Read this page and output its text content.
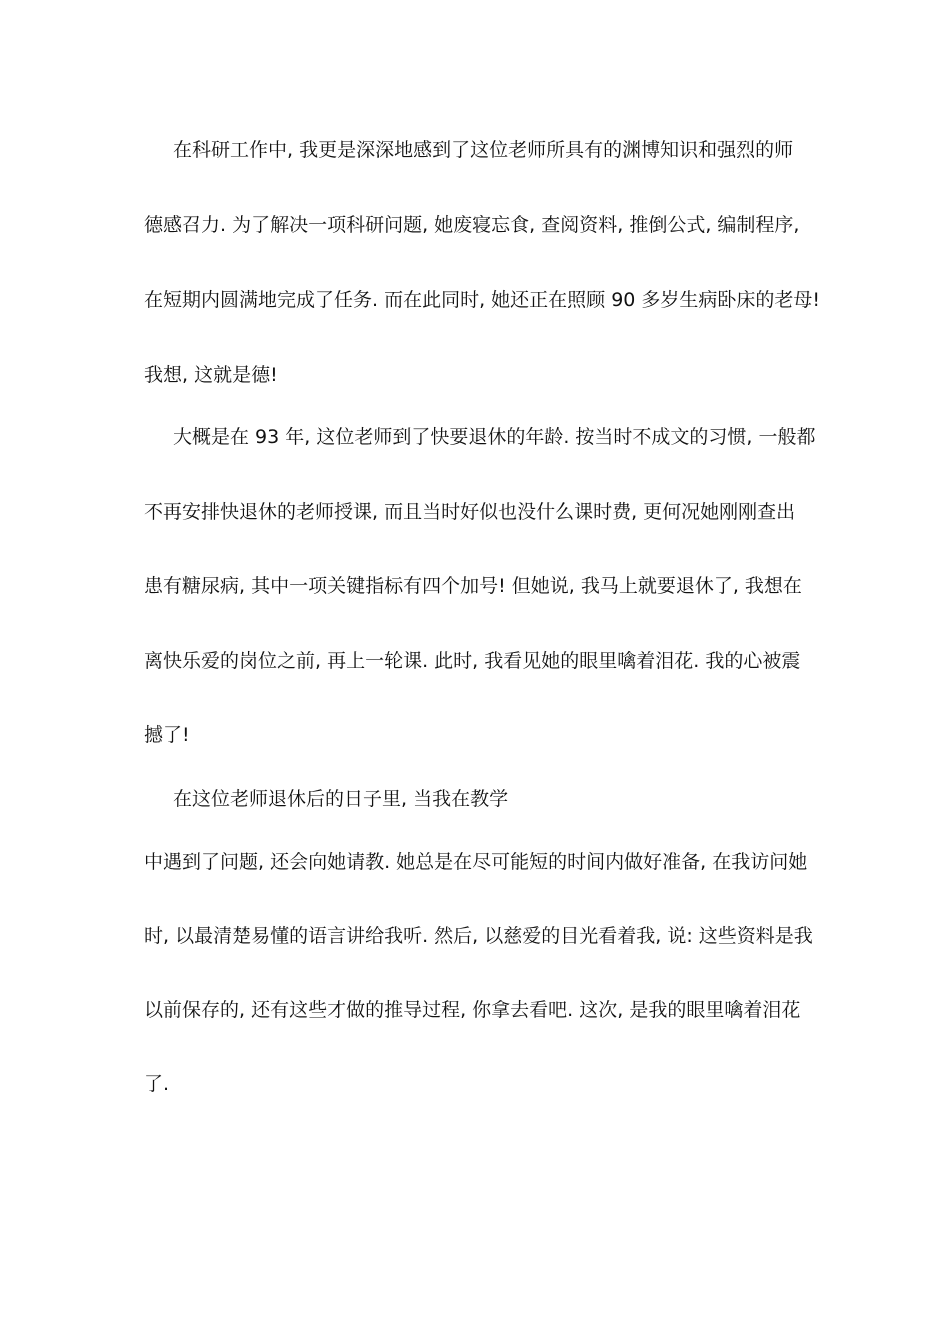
在科研工作中, 我更是深深地感到了这位老师所具有的渊博知识和强烈的师
德感召力. 为了解决一项科研问题, 她废寝忘食, 查阅资料, 推倒公式, 编制程序,
在短期内圆满地完成了任务. 而在此同时, 她还正在照顾 90 多岁生病卧床的老母!
我想, 这就是德!
大概是在 93 年, 这位老师到了快要退休的年龄. 按当时不成文的习惯, 一般都
不再安排快退休的老师授课, 而且当时好似也没什么课时费, 更何况她刚刚查出
患有糖尿病, 其中一项关键指标有四个加号! 但她说, 我马上就要退休了, 我想在
离快乐爱的岗位之前, 再上一轮课. 此时, 我看见她的眼里噙着泪花. 我的心被震
撼了!
在这位老师退休后的日子里, 当我在教学
中遇到了问题, 还会向她请教. 她总是在尽可能短的时间内做好准备, 在我访问她
时, 以最清楚易懂的语言讲给我听. 然后, 以慈爱的目光看着我, 说: 这些资料是我
以前保存的, 还有这些才做的推导过程, 你拿去看吧. 这次, 是我的眼里噙着泪花
了.
